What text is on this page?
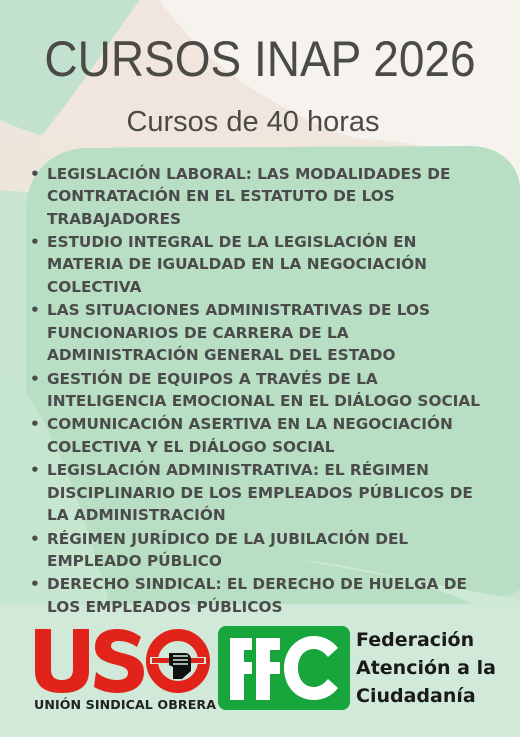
CURSOS INAP 2026
Cursos de 40 horas
• LEGISLACIÓN LABORAL: LAS MODALIDADES DE CONTRATACIÓN EN EL ESTATUTO DE LOS TRABAJADORES
• ESTUDIO INTEGRAL DE LA LEGISLACIÓN EN MATERIA DE IGUALDAD EN LA NEGOCIACIÓN COLECTIVA
• LAS SITUACIONES ADMINISTRATIVAS DE LOS FUNCIONARIOS DE CARRERA DE LA ADMINISTRACIÓN GENERAL DEL ESTADO
• GESTIÓN DE EQUIPOS A TRAVÉS DE LA INTELIGENCIA EMOCIONAL EN EL DIÁLOGO SOCIAL
• COMUNICACIÓN ASERTIVA EN LA NEGOCIACIÓN COLECTIVA Y EL DIÁLOGO SOCIAL
• LEGISLACIÓN ADMINISTRATIVA: EL RÉGIMEN DISCIPLINARIO DE LOS EMPLEADOS PÚBLICOS DE LA ADMINISTRACIÓN
• RÉGIMEN JURÍDICO DE LA JUBILACIÓN DEL EMPLEADO PÚBLICO
• DERECHO SINDICAL: EL DERECHO DE HUELGA DE LOS EMPLEADOS PÚBLICOS
UNIÓN SINDICAL OBRERA
Federación
Atención a la
Ciudadanía
